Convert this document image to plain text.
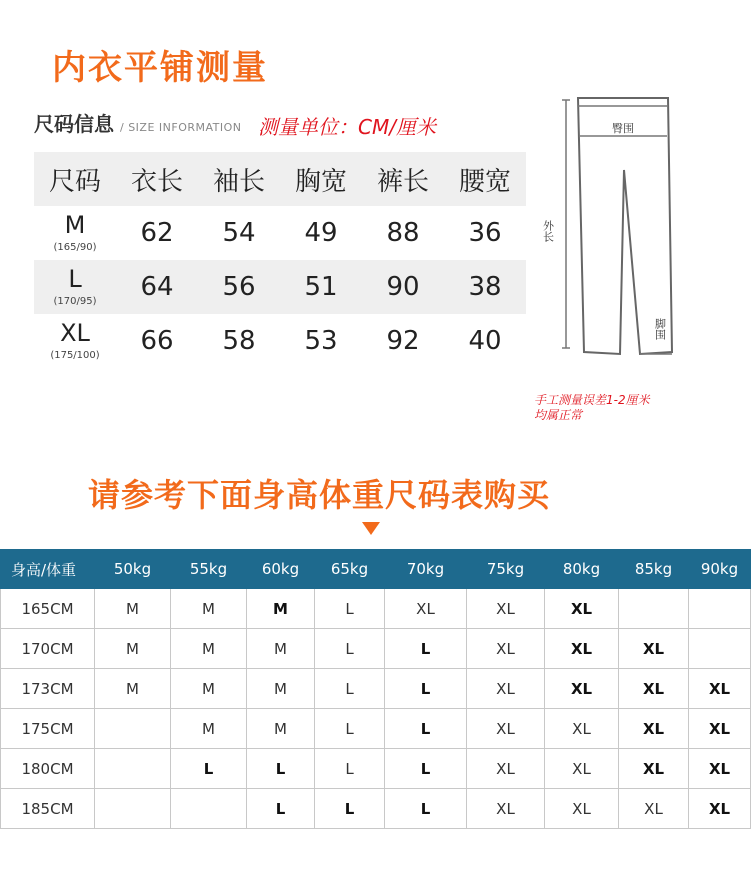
内衣平铺测量
尺码信息 / SIZE INFORMATION 测量单位：CM/厘米
尺码	衣长	袖长	胸宽	裤长	腰宽
M
(165/90)	62	54	49	88	36
L
(170/95)	64	56	51	90	38
XL
(175/100)	66	58	53	92	40
臀围
外长
脚围
手工测量误差1-2厘米
均属正常
请参考下面身高体重尺码表购买
身高/体重	50kg	55kg	60kg	65kg	70kg	75kg	80kg	85kg	90kg
165CM	M	M	M	L	XL	XL	XL		
170CM	M	M	M	L	L	XL	XL	XL	
173CM	M	M	M	L	L	XL	XL	XL	XL
175CM		M	M	L	L	XL	XL	XL	XL
180CM		L	L	L	L	XL	XL	XL	XL
185CM			L	L	L	XL	XL	XL	XL
